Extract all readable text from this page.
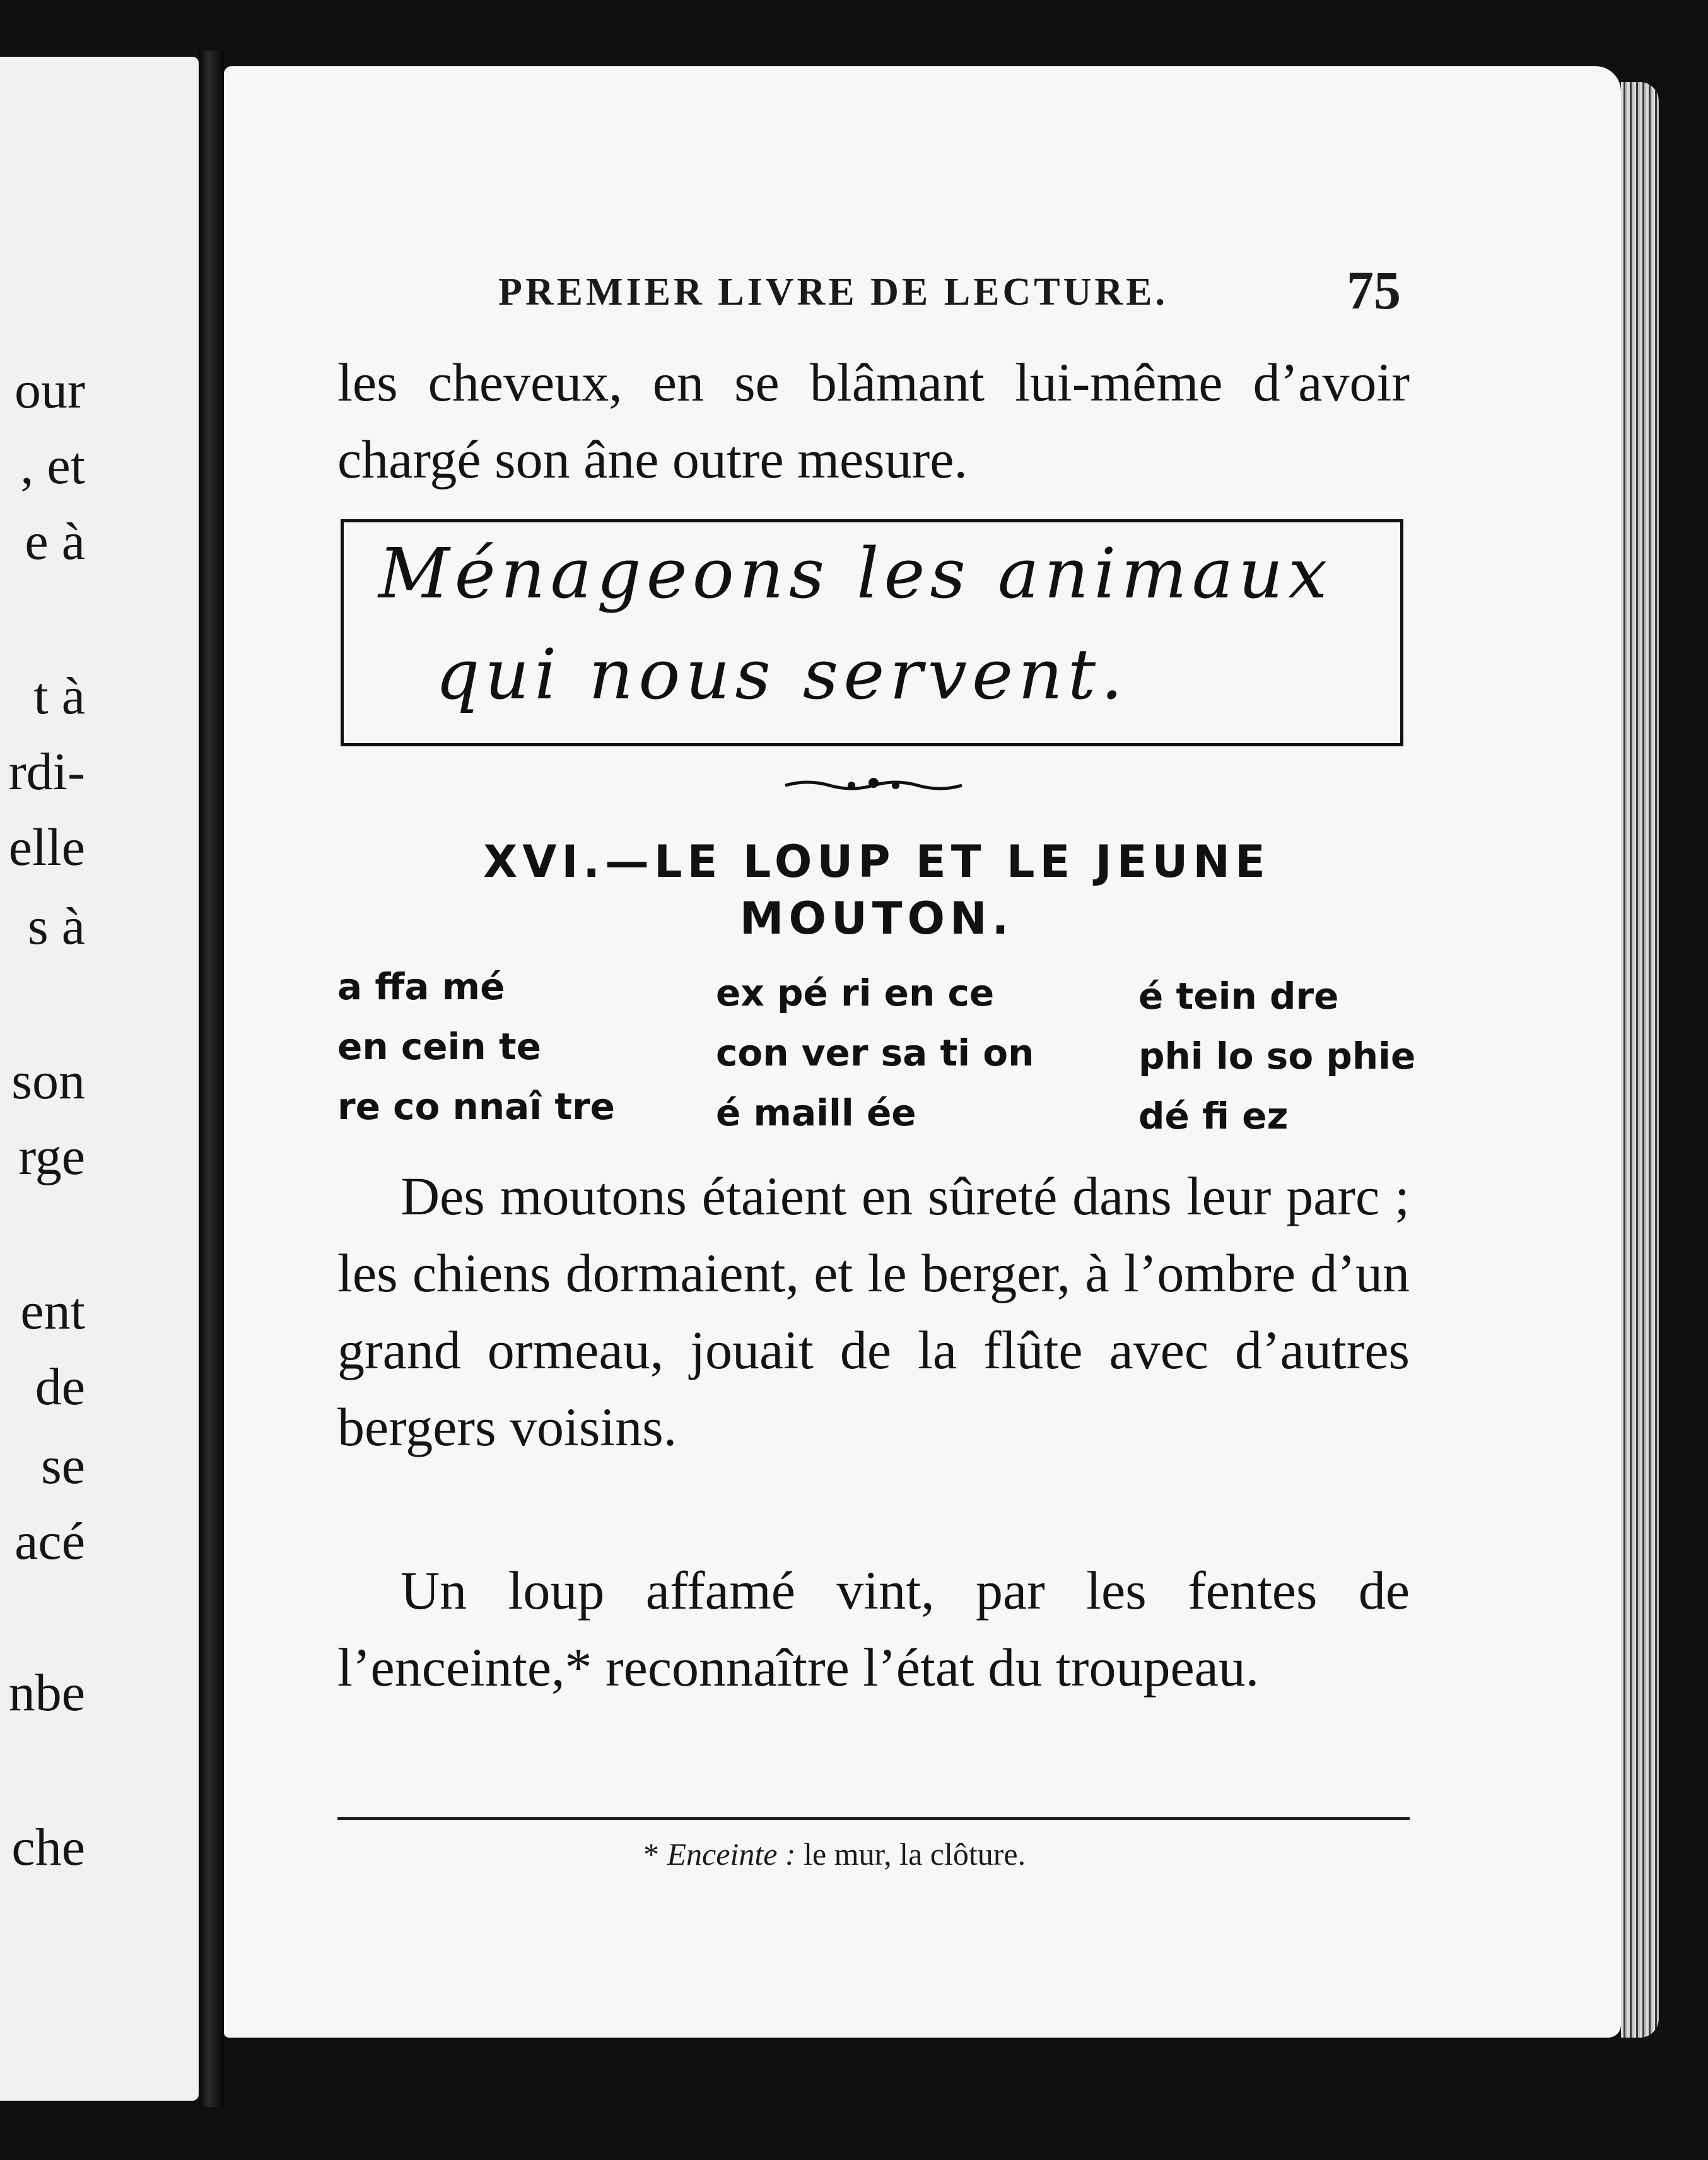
our
, et
e à
t à
rdi-
elle
s à
son
rge
ent
de
se
acé
nbe
che
PREMIER LIVRE DE LECTURE.	75
les cheveux, en se blâmant lui-même d’avoir chargé son âne outre mesure.
Ménageons les animaux
qui nous servent.
XVI.—LE LOUP ET LE JEUNE
MOUTON.
a ffa mé	ex pé ri en ce	é tein dre
en cein te	con ver sa ti on	phi lo so phie
re co nnaî tre	é maill ée	dé fi ez
Des moutons étaient en sûreté dans leur parc ; les chiens dormaient, et le berger, à l’ombre d’un grand ormeau, jouait de la flûte avec d’autres bergers voisins.
Un loup affamé vint, par les fentes de l’enceinte,* reconnaître l’état du troupeau.
* Enceinte : le mur, la clôture.
